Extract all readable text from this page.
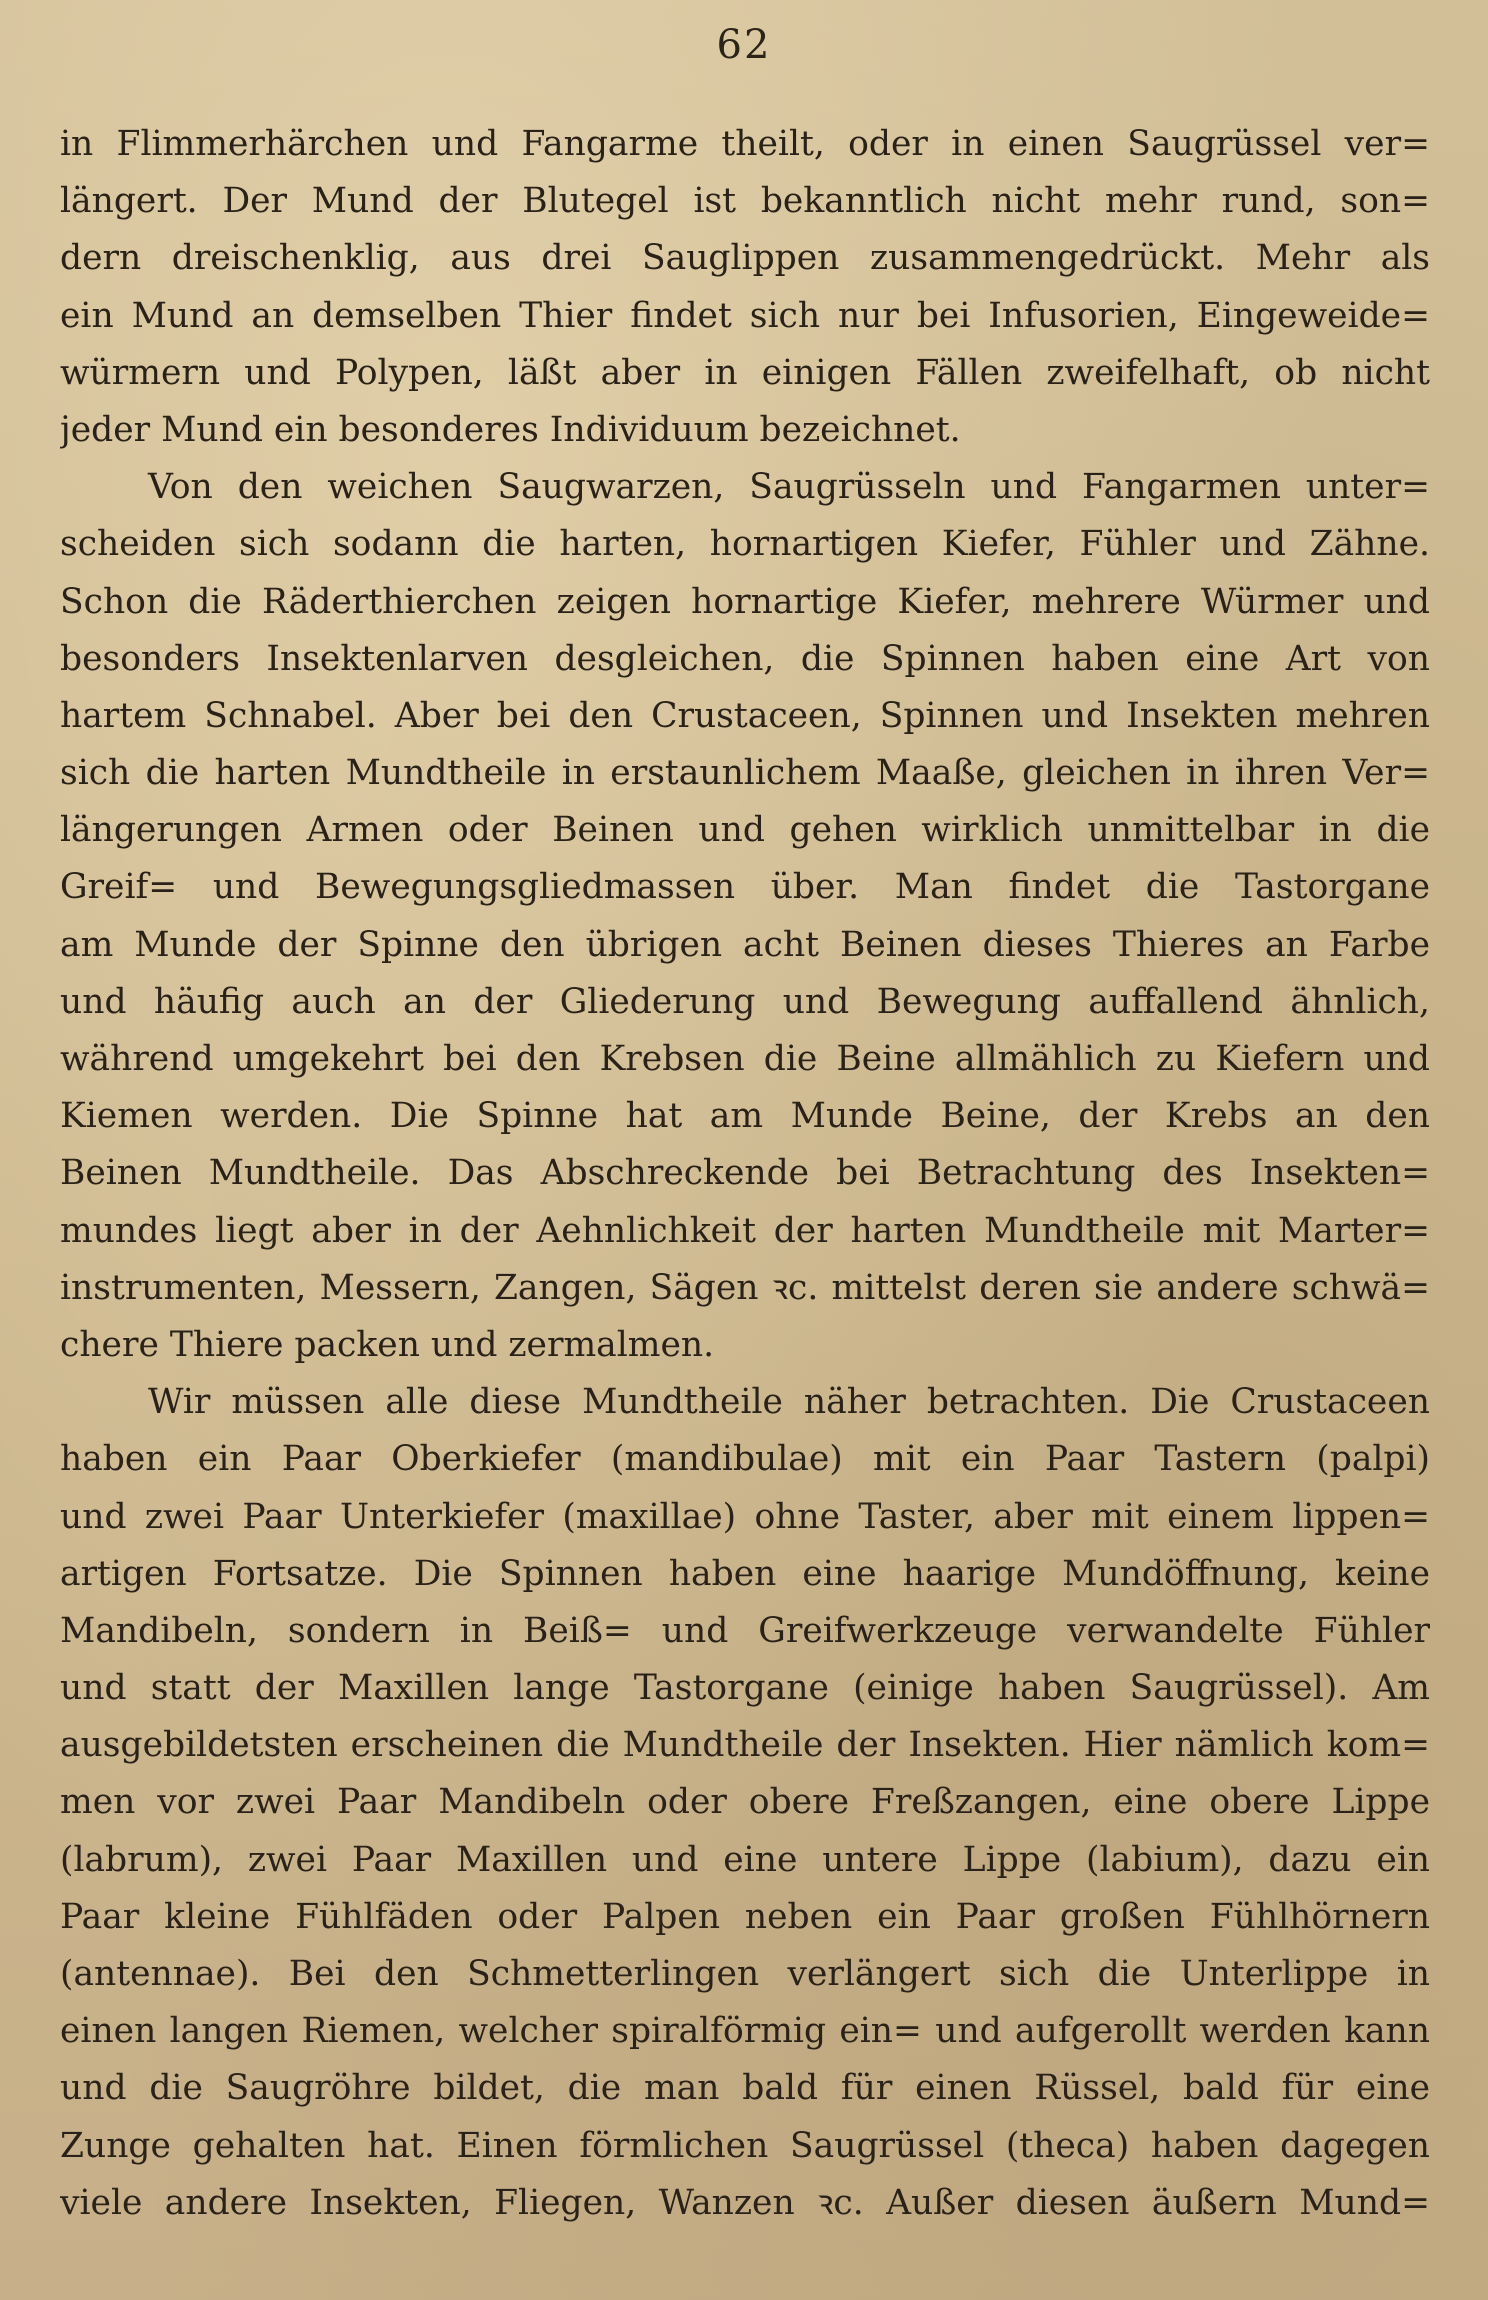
62
in Flimmerhärchen und Fangarme theilt, oder in einen Saugrüssel ver=
längert. Der Mund der Blutegel ist bekanntlich nicht mehr rund, son=
dern dreischenklig, aus drei Sauglippen zusammengedrückt. Mehr als
ein Mund an demselben Thier findet sich nur bei Infusorien, Eingeweide=
würmern und Polypen, läßt aber in einigen Fällen zweifelhaft, ob nicht
jeder Mund ein besonderes Individuum bezeichnet.
Von den weichen Saugwarzen, Saugrüsseln und Fangarmen unter=
scheiden sich sodann die harten, hornartigen Kiefer, Fühler und Zähne.
Schon die Räderthierchen zeigen hornartige Kiefer, mehrere Würmer und
besonders Insektenlarven desgleichen, die Spinnen haben eine Art von
hartem Schnabel. Aber bei den Crustaceen, Spinnen und Insekten mehren
sich die harten Mundtheile in erstaunlichem Maaße, gleichen in ihren Ver=
längerungen Armen oder Beinen und gehen wirklich unmittelbar in die
Greif= und Bewegungsgliedmassen über. Man findet die Tastorgane
am Munde der Spinne den übrigen acht Beinen dieses Thieres an Farbe
und häufig auch an der Gliederung und Bewegung auffallend ähnlich,
während umgekehrt bei den Krebsen die Beine allmählich zu Kiefern und
Kiemen werden. Die Spinne hat am Munde Beine, der Krebs an den
Beinen Mundtheile. Das Abschreckende bei Betrachtung des Insekten=
mundes liegt aber in der Aehnlichkeit der harten Mundtheile mit Marter=
instrumenten, Messern, Zangen, Sägen ꝛc. mittelst deren sie andere schwä=
chere Thiere packen und zermalmen.
Wir müssen alle diese Mundtheile näher betrachten. Die Crustaceen
haben ein Paar Oberkiefer (mandibulae) mit ein Paar Tastern (palpi)
und zwei Paar Unterkiefer (maxillae) ohne Taster, aber mit einem lippen=
artigen Fortsatze. Die Spinnen haben eine haarige Mundöffnung, keine
Mandibeln, sondern in Beiß= und Greifwerkzeuge verwandelte Fühler
und statt der Maxillen lange Tastorgane (einige haben Saugrüssel). Am
ausgebildetsten erscheinen die Mundtheile der Insekten. Hier nämlich kom=
men vor zwei Paar Mandibeln oder obere Freßzangen, eine obere Lippe
(labrum), zwei Paar Maxillen und eine untere Lippe (labium), dazu ein
Paar kleine Fühlfäden oder Palpen neben ein Paar großen Fühlhörnern
(antennae). Bei den Schmetterlingen verlängert sich die Unterlippe in
einen langen Riemen, welcher spiralförmig ein= und aufgerollt werden kann
und die Saugröhre bildet, die man bald für einen Rüssel, bald für eine
Zunge gehalten hat. Einen förmlichen Saugrüssel (theca) haben dagegen
viele andere Insekten, Fliegen, Wanzen ꝛc. Außer diesen äußern Mund=
